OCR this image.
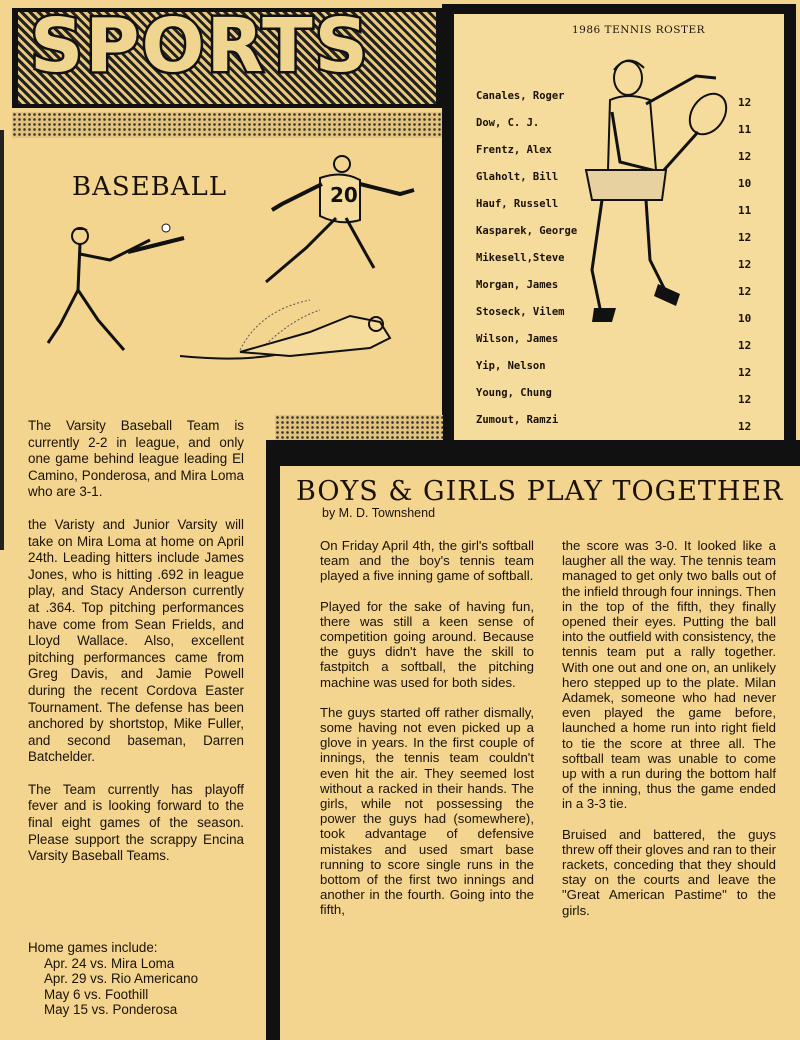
SPORTS
BASEBALL	20

The Varsity Baseball Team is currently 2-2 in league, and only one game behind league leading El Camino, Ponderosa, and Mira Loma who are 3-1.

the Varisty and Junior Varsity will take on Mira Loma at home on April 24th. Leading hitters include James Jones, who is hitting .692 in league play, and Stacy Anderson currently at .364. Top pitching performances have come from Sean Frields, and Lloyd Wallace. Also, excellent pitching performances came from Greg Davis, and Jamie Powell during the recent Cordova Easter Tournament. The defense has been anchored by shortstop, Mike Fuller, and second baseman, Darren Batchelder.

The Team currently has playoff fever and is looking forward to the final eight games of the season. Please support the scrappy Encina Varsity Baseball Teams.

Home games include:
Apr. 24 vs. Mira Loma
Apr. 29 vs. Rio Americano
May 6 vs. Foothill
May 15 vs. Ponderosa
1986 TENNIS ROSTER
Canales, Roger	12
Dow, C. J.	11
Frentz, Alex	12
Glaholt, Bill	10
Hauf, Russell	11
Kasparek, George	12
Mikesell,Steve	12
Morgan, James	12
Stoseck, Vilem	10
Wilson, James	12
Yip, Nelson	12
Young, Chung	12
Zumout, Ramzi	12
BOYS & GIRLS PLAY TOGETHER
by M. D. Townshend

On Friday April 4th, the girl's softball team and the boy's tennis team played a five inning game of softball.

Played for the sake of having fun, there was still a keen sense of competition going around. Because the guys didn't have the skill to fastpitch a softball, the pitching machine was used for both sides.

The guys started off rather dismally, some having not even picked up a glove in years. In the first couple of innings, the tennis team couldn't even hit the air. They seemed lost without a racked in their hands. The girls, while not possessing the power the guys had (somewhere), took advantage of defensive mistakes and used smart base running to score single runs in the bottom of the first two innings and another in the fourth. Going into the fifth,

the score was 3-0. It looked like a laugher all the way. The tennis team managed to get only two balls out of the infield through four innings. Then in the top of the fifth, they finally opened their eyes. Putting the ball into the outfield with consistency, the tennis team put a rally together. With one out and one on, an unlikely hero stepped up to the plate. Milan Adamek, someone who had never even played the game before, launched a home run into right field to tie the score at three all. The softball team was unable to come up with a run during the bottom half of the inning, thus the game ended in a 3-3 tie.

Bruised and battered, the guys threw off their gloves and ran to their rackets, conceding that they should stay on the courts and leave the "Great American Pastime" to the girls.
